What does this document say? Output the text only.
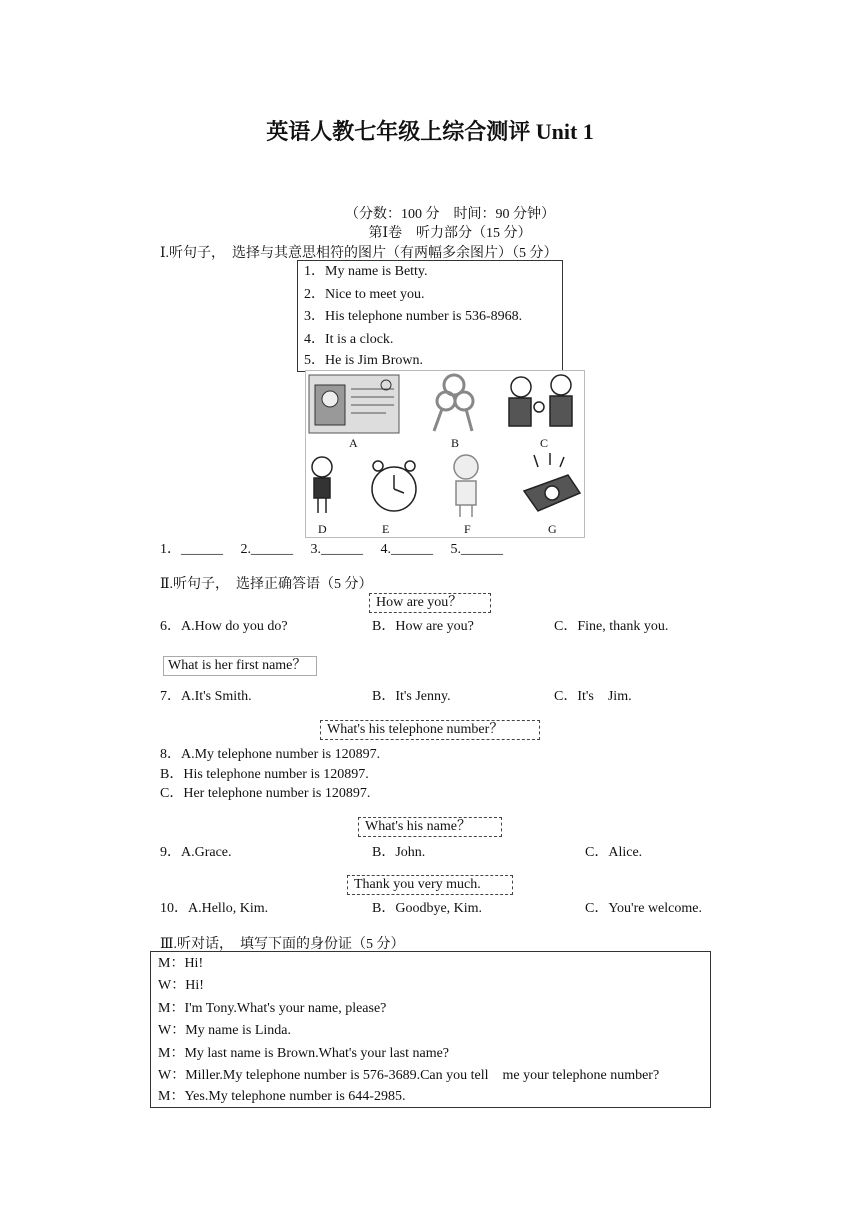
英语人教七年级上综合测评 Unit 1
（分数：100 分　时间：90 分钟）
第Ⅰ卷　听力部分（15 分）
Ⅰ.听句子，　选择与其意思相符的图片（有两幅多余图片）（5 分）
1．My name is Betty.
2．Nice to meet you.
3．His telephone number is 536-8968.
4．It is a clock.
5．He is Jim Brown.
A	B	C
D	E	F	G
1．______　 2.______　 3.______　 4.______　 5.______
Ⅱ.听句子，　选择正确答语（5 分）
How are you？
6．A.How do you do?	B．How are you?	C．Fine, thank you.
What is her first name？
7．A.It's Smith.	B．It's Jenny.	C．It's　Jim.
What's his telephone number？
8．A.My telephone number is 120897.
B．His telephone number is 120897.
C．Her telephone number is 120897.
What's his name？
9．A.Grace.	B．John.	C．Alice.
Thank you very much.
10．A.Hello, Kim.	B．Goodbye, Kim.	C．You're welcome.
Ⅲ.听对话，　填写下面的身份证（5 分）
M：Hi!
W：Hi!
M：I'm Tony.What's your name, please?
W：My name is Linda.
M：My last name is Brown.What's your last name?
W：Miller.My telephone number is 576-3689.Can you tell　me your telephone number?
M：Yes.My telephone number is 644-2985.
